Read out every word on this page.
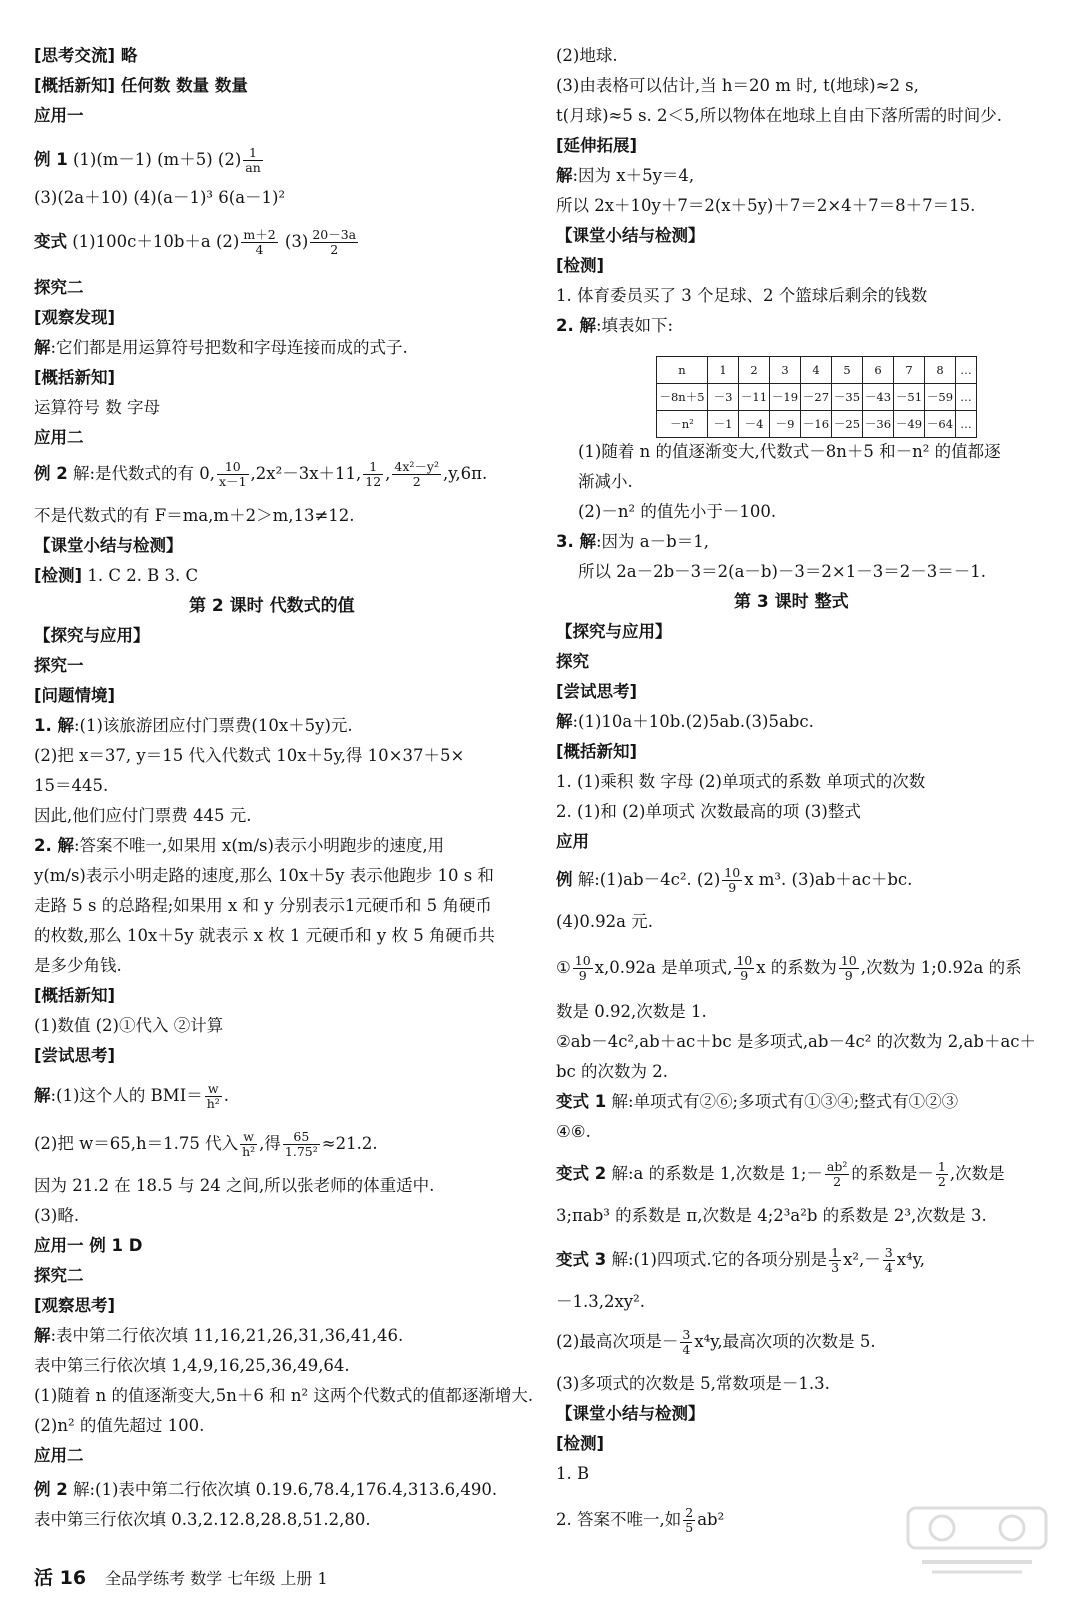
[思考交流] 略
[概括新知] 任何数 数量 数量
应用一
例 1 (1)(m－1) (m＋5) $(2) \frac{1}{an}$
(3)(2a＋10) (4)(a－1)³ 6(a－1)²
变式 (1)100c＋10b＋a $(2) \frac{m+2}{4} (3) \frac{20-3a}{2}$
探究二
[观察发现]
解:它们都是用运算符号把数和字母连接而成的式子.
[概括新知]
运算符号 数 字母
应用二
例 2 解:是代数式的有 0, $\frac{10}{x-1} ,2x^2-3x+11$, $\frac{1}{12}$ , $\frac{\text{4x²－y²}}{2} ,y,6\pi$.
不是代数式的有 F＝ma,m＋2＞m,13≠12.
【课堂小结与检测】
[检测] 1. C 2. B 3. C
第 2 课时 代数式的值
【探究与应用】
探究一
[问题情境]
1. 解:(1)该旅游团应付门票费(10x＋5y)元.
(2)把 x＝37, y＝15 代入代数式 10x＋5y,得 10×37＋5×
15＝445.
因此,他们应付门票费 445 元.
2. 解:答案不唯一,如果用 x(m/s)表示小明跑步的速度,用
y(m/s)表示小明走路的速度,那么 10x＋5y 表示他跑步 10 s 和
走路 5 s 的总路程;如果用 x 和 y 分别表示1元硬币和 5 角硬币
的枚数,那么 10x＋5y 就表示 x 枚 1 元硬币和 y 枚 5 角硬币共
是多少角钱.
[概括新知]
(1)数值 (2)①代入 ②计算
[尝试思考]
解:(1)这个人的 $BMI= \frac{w}{\text{h²}}$ .
(2)把 w＝65,h＝1.75 代入 $\frac{w}{\text{h²}}$ ,得 $\frac{65}{\text{1.75²}} \approx 21.2$.
因为 21.2 在 18.5 与 24 之间,所以张老师的体重适中.
(3)略.
应用一 例 1 D
探究二
[观察思考]
解:表中第二行依次填 11,16,21,26,31,36,41,46.
表中第三行依次填 1,4,9,16,25,36,49,64.
(1)随着 n 的值逐渐变大,5n＋6 和 n² 这两个代数式的值都逐渐增大.
(2)n² 的值先超过 100.
应用二
例 2 解:(1)表中第二行依次填 0.19.6,78.4,176.4,313.6,490.
表中第三行依次填 0.3,2.12.8,28.8,51.2,80.
(2)地球.
(3)由表格可以估计,当 h＝20 m 时, t(地球)≈2 s,
t(月球)≈5 s. 2＜5,所以物体在地球上自由下落所需的时间少.
[延伸拓展]
解:因为 x＋5y＝4,
所以 2x＋10y＋7＝2(x＋5y)＋7＝2×4＋7＝8＋7＝15.
【课堂小结与检测】
[检测]
1. 体育委员买了 3 个足球、2 个篮球后剩余的钱数
2. 解:填表如下:
(1)随着 n 的值逐渐变大,代数式－8n＋5 和－n² 的值都逐
渐减小.
(2)－n² 的值先小于－100.
3. 解:因为 a－b＝1,
所以 2a－2b－3＝2(a－b)－3＝2×1－3＝2－3＝－1.
第 3 课时 整式
【探究与应用】
探究
[尝试思考]
解:(1)10a＋10b.(2)5ab.(3)5abc.
[概括新知]
1. (1)乘积 数 字母 (2)单项式的系数 单项式的次数
2. (1)和 (2)单项式 次数最高的项 (3)整式
应用
例 解:(1)ab－4c². $(2) \frac{10}{9}$ x m³. (3)ab＋ac＋bc.
(4)0.92a 元.
① $\frac{10}{9} x,0.92a$ 是单项式, $\frac{10}{9}$ x 的系数为 $\frac{10}{9}$ ,次数为 1;0.92a 的系
数是 0.92,次数是 1.
②ab－4c²,ab＋ac＋bc 是多项式,ab－4c² 的次数为 2,ab＋ac＋
bc 的次数为 2.
变式 1 解:单项式有②⑥;多项式有①③④;整式有①②③
④⑥.
变式 2 解:a 的系数是 1,次数是 1;－ $\frac{\text{ab²}}{2}$ 的系数是－ $\frac{1}{2}$ ,次数是
3;πab³ 的系数是 π,次数是 4;2³a²b 的系数是 2³,次数是 3.
变式 3 解:(1)四项式.它的各项分别是 $\frac{1}{3} x^2,- \frac{3}{4} x^4y$,
－1.3,2xy².
(2)最高次项是－ $\frac{3}{4} x^4y$,最高次项的次数是 5.
(3)多项式的次数是 5,常数项是－1.3.
【课堂小结与检测】
[检测]
1. B
2. 答案不唯一,如 $\frac{2}{5} ab^2$
n	1	2	3	4	5	6	7	8	…
－8n＋5	－3	－11	－19	－27	－35	－43	－51	－59	…
－n²	－1	－4	－9	－16	－25	－36	－49	－64	…
活 16 全品学练考 数学 七年级 上册 1
